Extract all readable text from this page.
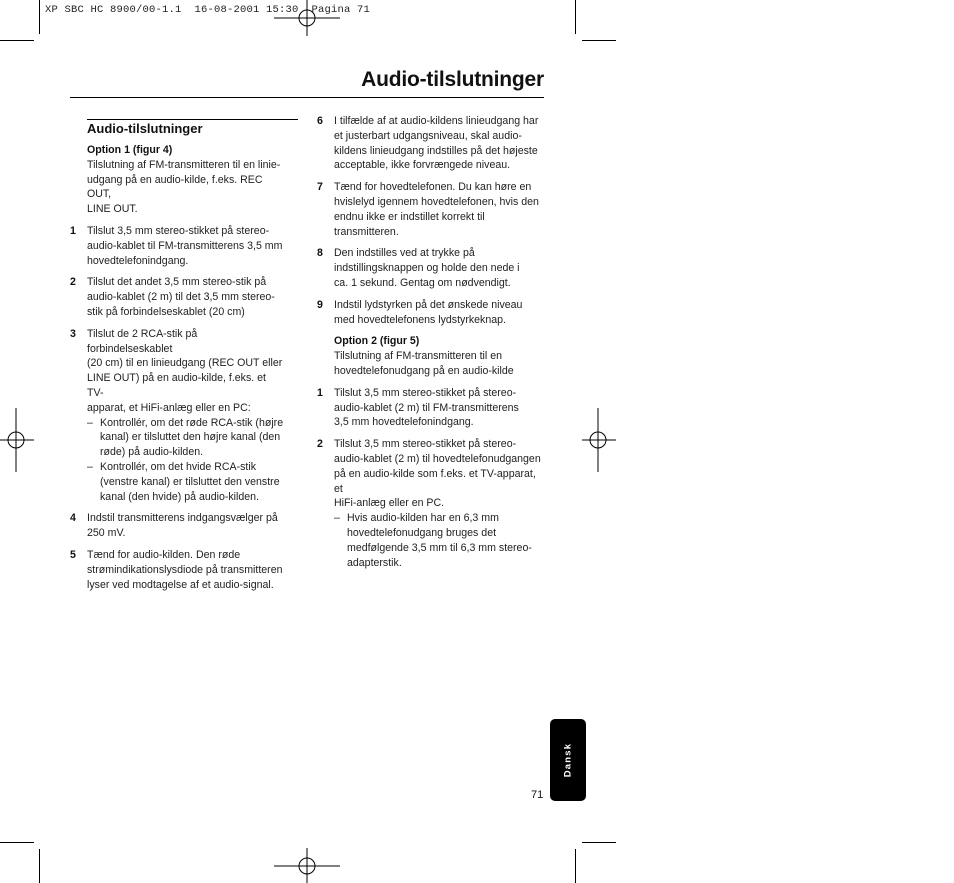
XP SBC HC 8900/00-1.1  16-08-2001 15:30  Pagina 71
Audio-tilslutninger
Audio-tilslutninger
Option 1 (figur 4)
Tilslutning af FM-transmitteren til en linie-
udgang på en audio-kilde, f.eks. REC OUT,
LINE OUT.
1 Tilslut 3,5 mm stereo-stikket på stereo-
audio-kablet til FM-transmitterens 3,5 mm
hovedtelefonindgang.
2 Tilslut det andet 3,5 mm stereo-stik på
audio-kablet (2 m) til det 3,5 mm stereo-
stik på forbindelseskablet (20 cm)
3 Tilslut de 2 RCA-stik på forbindelseskablet
(20 cm) til en linieudgang (REC OUT eller
LINE OUT) på en audio-kilde, f.eks. et TV-
apparat, et HiFi-anlæg eller en PC:
– Kontrollér, om det røde RCA-stik (højre
kanal) er tilsluttet den højre kanal (den
røde) på audio-kilden.
– Kontrollér, om det hvide RCA-stik
(venstre kanal) er tilsluttet den venstre
kanal (den hvide) på audio-kilden.
4 Indstil transmitterens indgangsvælger på
250 mV.
5 Tænd for audio-kilden. Den røde
strømindikationslysdiode på transmitteren
lyser ved modtagelse af et audio-signal.
6 I tilfælde af at audio-kildens linieudgang har
et justerbart udgangsniveau, skal audio-
kildens linieudgang indstilles på det højeste
acceptable, ikke forvrængede niveau.
7 Tænd for hovedtelefonen. Du kan høre en
hvislelyd igennem hovedtelefonen, hvis den
endnu ikke er indstillet korrekt til
transmitteren.
8 Den indstilles ved at trykke på
indstillingsknappen og holde den nede i
ca. 1 sekund. Gentag om nødvendigt.
9 Indstil lydstyrken på det ønskede niveau
med hovedtelefonens lydstyrkeknap.
Option 2 (figur 5)
Tilslutning af FM-transmitteren til en
hovedtelefonudgang på en audio-kilde
1 Tilslut 3,5 mm stereo-stikket på stereo-
audio-kablet (2 m) til FM-transmitterens
3,5 mm hovedtelefonindgang.
2 Tilslut 3,5 mm stereo-stikket på stereo-
audio-kablet (2 m) til hovedtelefonudgangen
på en audio-kilde som f.eks. et TV-apparat, et
HiFi-anlæg eller en PC.
– Hvis audio-kilden har en 6,3 mm
hovedtelefonudgang bruges det
medfølgende 3,5 mm til 6,3 mm stereo-
adapterstik.
Dansk
71
